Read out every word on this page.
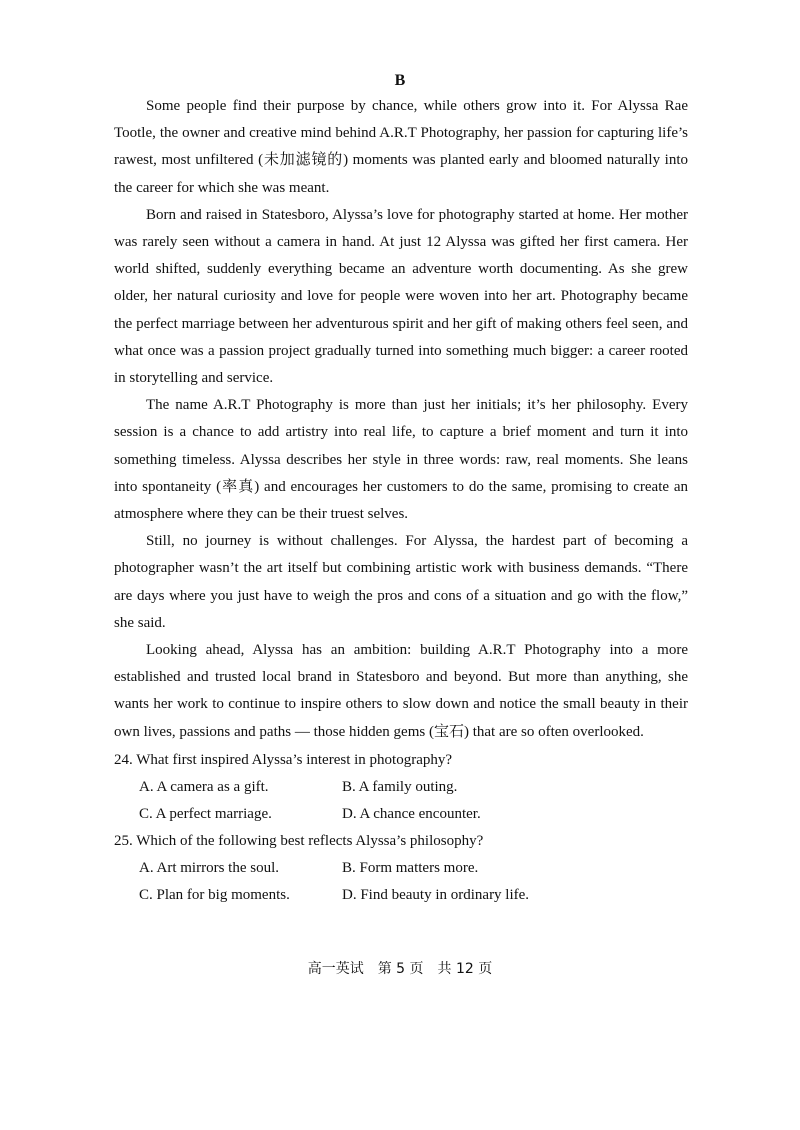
B

Some people find their purpose by chance, while others grow into it. For Alyssa Rae Tootle, the owner and creative mind behind A.R.T Photography, her passion for capturing life’s rawest, most unfiltered (未加滤镜的) moments was planted early and bloomed naturally into the career for which she was meant.

Born and raised in Statesboro, Alyssa’s love for photography started at home. Her mother was rarely seen without a camera in hand. At just 12 Alyssa was gifted her first camera. Her world shifted, suddenly everything became an adventure worth documenting. As she grew older, her natural curiosity and love for people were woven into her art. Photography became the perfect marriage between her adventurous spirit and her gift of making others feel seen, and what once was a passion project gradually turned into something much bigger: a career rooted in storytelling and service.

The name A.R.T Photography is more than just her initials; it’s her philosophy. Every session is a chance to add artistry into real life, to capture a brief moment and turn it into something timeless. Alyssa describes her style in three words: raw, real moments. She leans into spontaneity (率真) and encourages her customers to do the same, promising to create an atmosphere where they can be their truest selves.

Still, no journey is without challenges. For Alyssa, the hardest part of becoming a photographer wasn’t the art itself but combining artistic work with business demands. “There are days where you just have to weigh the pros and cons of a situation and go with the flow,” she said.

Looking ahead, Alyssa has an ambition: building A.R.T Photography into a more established and trusted local brand in Statesboro and beyond. But more than anything, she wants her work to continue to inspire others to slow down and notice the small beauty in their own lives, passions and paths — those hidden gems (宝石) that are so often overlooked.

24. What first inspired Alyssa’s interest in photography?

A. A camera as a gift.	B. A family outing.
C. A perfect marriage.	D. A chance encounter.

25. Which of the following best reflects Alyssa’s philosophy?

A. Art mirrors the soul.	B. Form matters more.
C. Plan for big moments.	D. Find beauty in ordinary life.
高一英试　第 5 页　共 12 页
